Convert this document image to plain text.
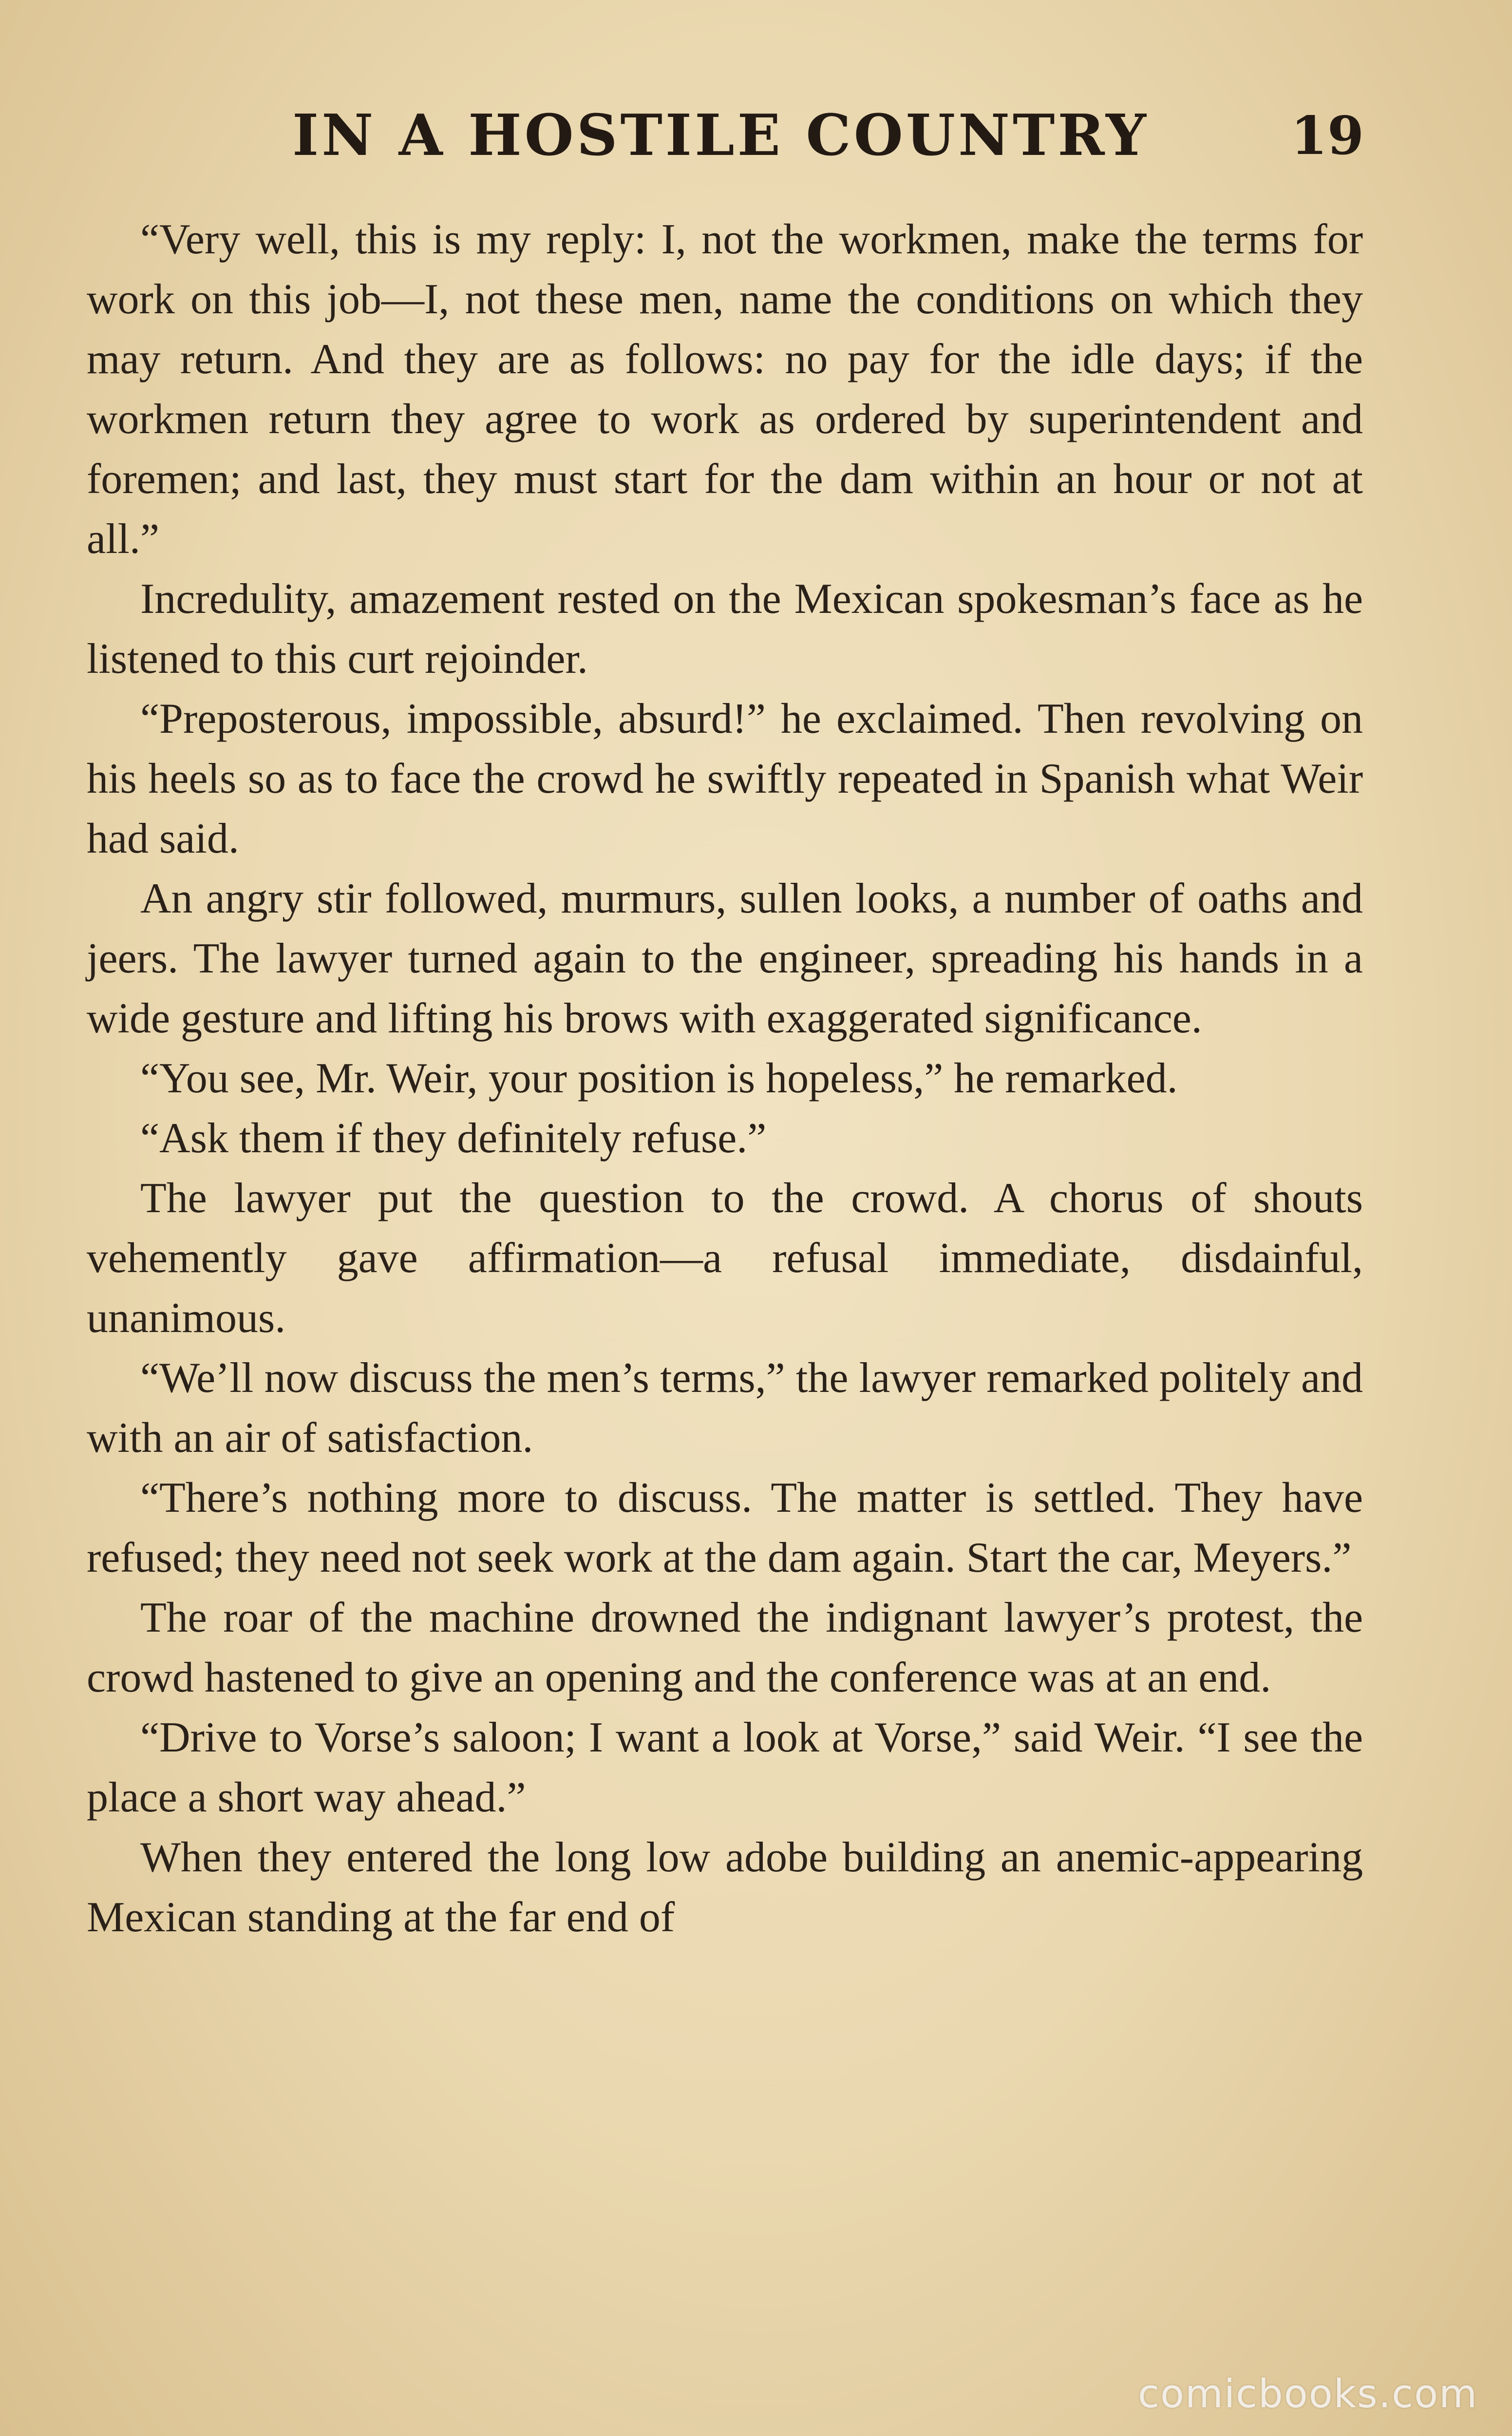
IN A HOSTILE COUNTRY	19

“Very well, this is my reply: I, not the workmen, make the terms for work on this job—I, not these men, name the conditions on which they may return. And they are as follows: no pay for the idle days; if the workmen return they agree to work as ordered by superintendent and foremen; and last, they must start for the dam within an hour or not at all.”

Incredulity, amazement rested on the Mexican spokesman’s face as he listened to this curt rejoinder.

“Preposterous, impossible, absurd!” he exclaimed. Then revolving on his heels so as to face the crowd he swiftly repeated in Spanish what Weir had said.

An angry stir followed, murmurs, sullen looks, a number of oaths and jeers. The lawyer turned again to the engineer, spreading his hands in a wide gesture and lifting his brows with exaggerated significance.

“You see, Mr. Weir, your position is hopeless,” he remarked.

“Ask them if they definitely refuse.”

The lawyer put the question to the crowd. A chorus of shouts vehemently gave affirmation—a refusal immediate, disdainful, unanimous.

“We’ll now discuss the men’s terms,” the lawyer remarked politely and with an air of satisfaction.

“There’s nothing more to discuss. The matter is settled. They have refused; they need not seek work at the dam again. Start the car, Meyers.”

The roar of the machine drowned the indignant lawyer’s protest, the crowd hastened to give an opening and the conference was at an end.

“Drive to Vorse’s saloon; I want a look at Vorse,” said Weir. “I see the place a short way ahead.”

When they entered the long low adobe building an anemic-appearing Mexican standing at the far end of

comicbooks.com
